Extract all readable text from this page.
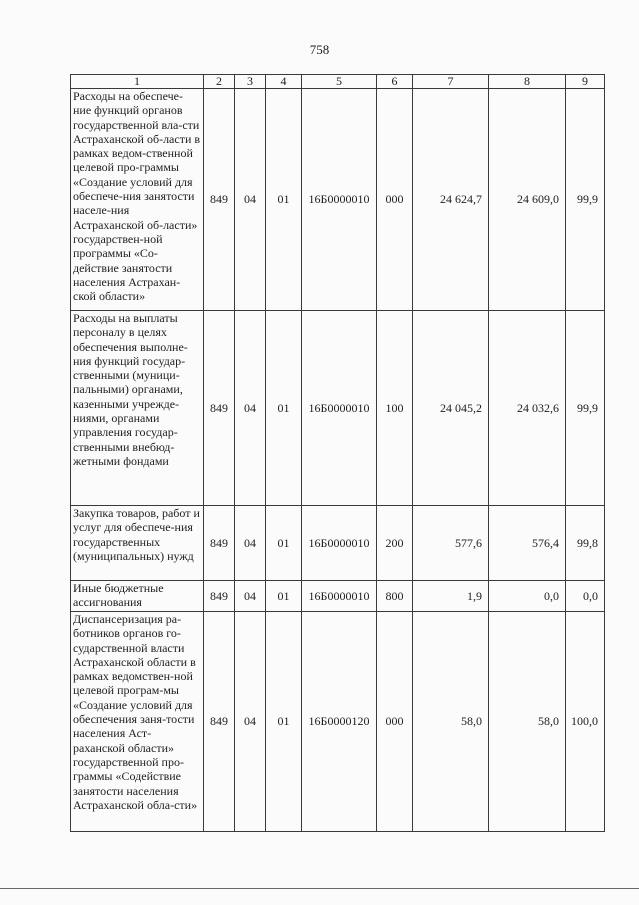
758
1	2	3	4	5	6	7	8	9
Расходы на обеспече-ние функций органов государственной вла-сти Астраханской об-ласти в рамках ведом-ственной целевой про-граммы «Создание условий для обеспече-ния занятости населе-ния Астраханской об-ласти» государствен-ной программы «Со-действие занятости населения Астрахан-ской области»	849	04	01	16Б0000010	000	24 624,7	24 609,0	99,9
Расходы на выплаты персоналу в целях обеспечения выполне-ния функций государ-ственными (муници-пальными) органами, казенными учрежде-ниями, органами управления государ-ственными внебюд-жетными фондами	849	04	01	16Б0000010	100	24 045,2	24 032,6	99,9
Закупка товаров, работ и услуг для обеспече-ния государственных (муниципальных) нужд	849	04	01	16Б0000010	200	577,6	576,4	99,8
Иные бюджетные ассигнования	849	04	01	16Б0000010	800	1,9	0,0	0,0
Диспансеризация ра-ботников органов го-сударственной власти Астраханской области в рамках ведомствен-ной целевой програм-мы «Создание условий для обеспечения заня-тости населения Аст-раханской области» государственной про-граммы «Содействие занятости населения Астраханской обла-сти»	849	04	01	16Б0000120	000	58,0	58,0	100,0
